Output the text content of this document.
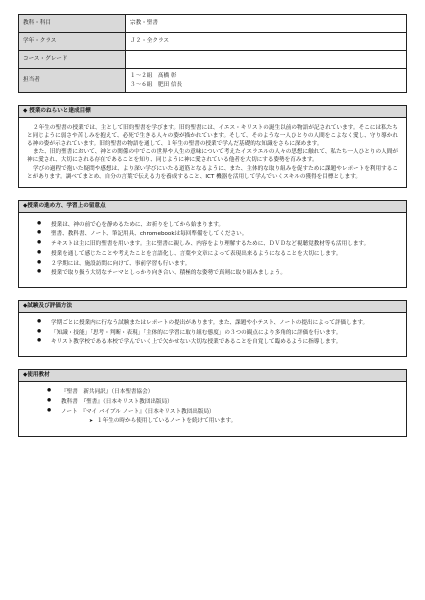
教科・科目	宗教・聖書
学年・クラス	Ｊ２・全クラス
コース・グレード	
担当者	１～２組　髙橋 彰
３～６組　肥田 信長
◆ 授業のねらいと達成目標

２年生の聖書の授業では、主として旧約聖書を学びます。旧約聖書には、イエス・キリストの誕生以前の物語が記されています。そこには私たちと同じように弱さや苦しみを抱えて、必死で生きる人々の姿が描かれています。そして、そのような一人ひとりの人間をこよなく愛し、守り導かれる神の姿が示されています。旧約聖書の物語を通して、１年生の聖書の授業で学んだ基礎的な知識をさらに深めます。

また、旧約聖書において、神との関係の中でこの世界や人生の意味について考えたイスラエルの人々の思想に触れて、私たち一人ひとりの人間が神に愛され、大切にされる存在であることを知り、同じように神に愛されている他者を大切にする姿勢を育みます。

学びの過程で抱いた疑問や感想は、より深い学びにいたる道筋となるように、また、主体的な取り組みを促すために課題やレポートを利用することがあります。調べてまとめ、自分の言葉で伝える力を養成すること、ICT 機器を活用して学んでいくスキルの獲得を目標とします。

◆授業の進め方、学習上の留意点
● 授業は、神の前で心を静めるために、お祈りをしてから始まります。
● 聖書、教科書、ノート、筆記用具、chromebookは毎回準備をしてください。
● テキストは主に旧約聖書を用います。主に聖書に親しみ、内容をより理解するために、ＤＶＤなど視聴覚教材等も活用します。
● 授業を通して感じたことや考えたことを言語化し、言葉や文章によって表現出来るようになることを大切にします。
● ２学期には、施設訪問に向けて、事前学習も行います。
● 授業で取り扱う大切なテーマとしっかり向き合い、積極的な姿勢で真剣に取り組みましょう。
◆試験及び評価方法
● 学期ごとに授業内に行なう試験またはレポートの提出があります。また、課題や小テスト、ノートの提出によって評価します。
● 「知識・技能」「思考・判断・表現」「主体的に学習に取り組む態度」の３つの観点により多角的に評価を行います。
● キリスト教学校である本校で学んでいく上で欠かせない大切な授業であることを自覚して臨めるように指導します。
◆使用教材
● 『聖書　新共同訳』（日本聖書協会）
● 教科書　『聖書』（日本キリスト教団出版局）
● ノート　『マイ バイブル ノート』（日本キリスト教団出版局）
➤ １年生の時から使用しているノートを続けて用います。
